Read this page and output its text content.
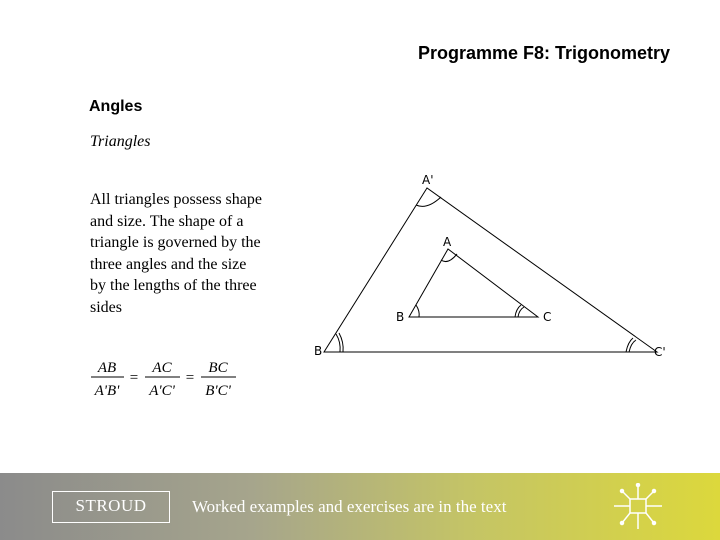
Programme F8: Trigonometry
Angles
Triangles
All triangles possess shape and size. The shape of a triangle is governed by the three angles and the size by the lengths of the three sides
AB
A'B'
=
AC
A'C'
=
BC
B'C'
A'
B	C'
A
B	C
STROUD	Worked examples and exercises are in the text
